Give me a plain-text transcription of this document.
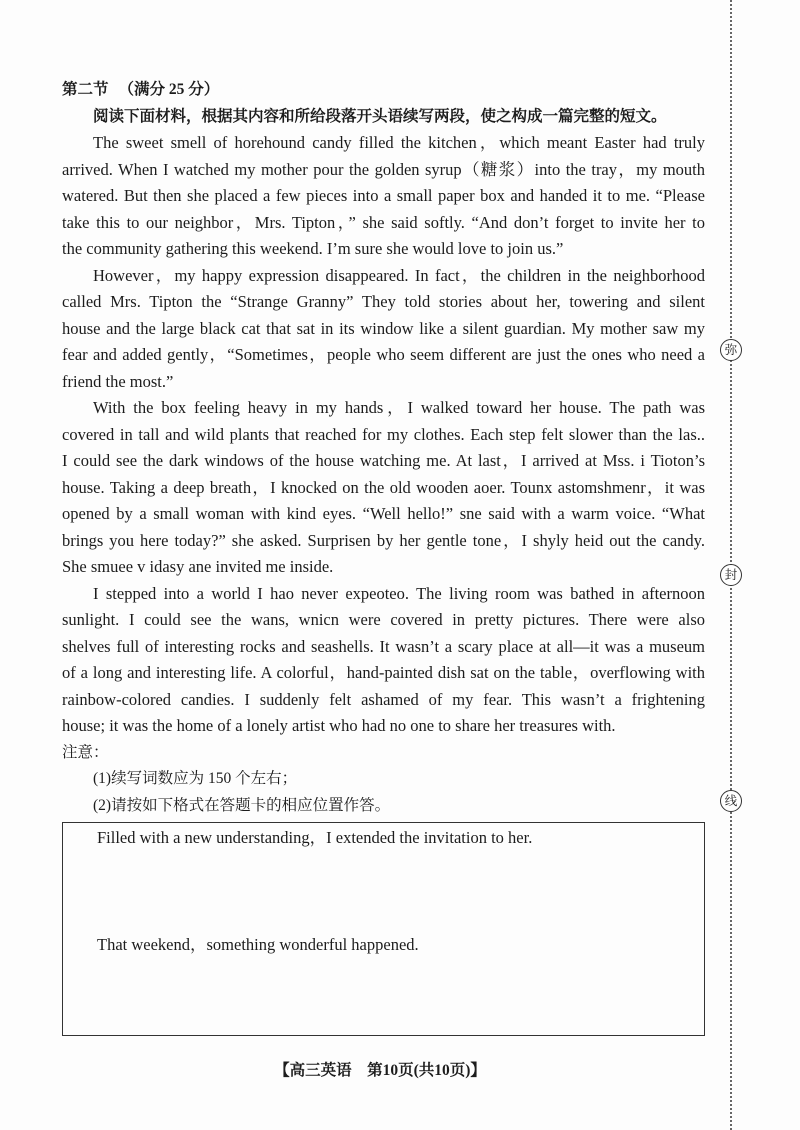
第二节 （满分 25 分）
阅读下面材料，根据其内容和所给段落开头语续写两段，使之构成一篇完整的短文。
The sweet smell of horehound candy filled the kitchen，which meant Easter had truly
arrived. When I watched my mother pour the golden syrup（糖浆）into the tray，my mouth
watered. But then she placed a few pieces into a small paper box and handed it to me. “Please
take this to our neighbor，Mrs. Tipton，” she said softly. “And don’t forget to invite her to
the community gathering this weekend. I’m sure she would love to join us.”
However，my happy expression disappeared. In fact，the children in the neighborhood
called Mrs. Tipton the “Strange Granny” They told stories about her, towering and silent
house and the large black cat that sat in its window like a silent guardian. My mother saw my
fear and added gently，“Sometimes，people who seem different are just the ones who need a
friend the most.”
With the box feeling heavy in my hands，I walked toward her house. The path was
covered in tall and wild plants that reached for my clothes. Each step felt slower than the las..
I could see the dark windows of the house watching me. At last，I arrived at Mss. i Tioton’s
house. Taking a deep breath，I knocked on the old wooden aoer. Tounx astomshmenr，it was
opened by a small woman with kind eyes. “Well hello!” sne said with a warm voice. “What
brings you here today?” she asked. Surprisen by her gentle tone，I shyly heid out the candy.
She smuee v idasy ane invited me inside.
I stepped into a world I hao never expeoteo. The living room was bathed in afternoon
sunlight. I could see the wans, wnicn were covered in pretty pictures. There were also
shelves full of interesting rocks and seashells. It wasn’t a scary place at all—it was a museum
of a long and interesting life. A colorful，hand-painted dish sat on the table，overflowing with
rainbow-colored candies. I suddenly felt ashamed of my fear. This wasn’t a frightening
house; it was the home of a lonely artist who had no one to share her treasures with.
注意：
(1)续写词数应为 150 个左右；
(2)请按如下格式在答题卡的相应位置作答。
Filled with a new understanding，I extended the invitation to her.
That weekend，something wonderful happened.
【高三英语　第10页(共10页)】
弥
封
线
